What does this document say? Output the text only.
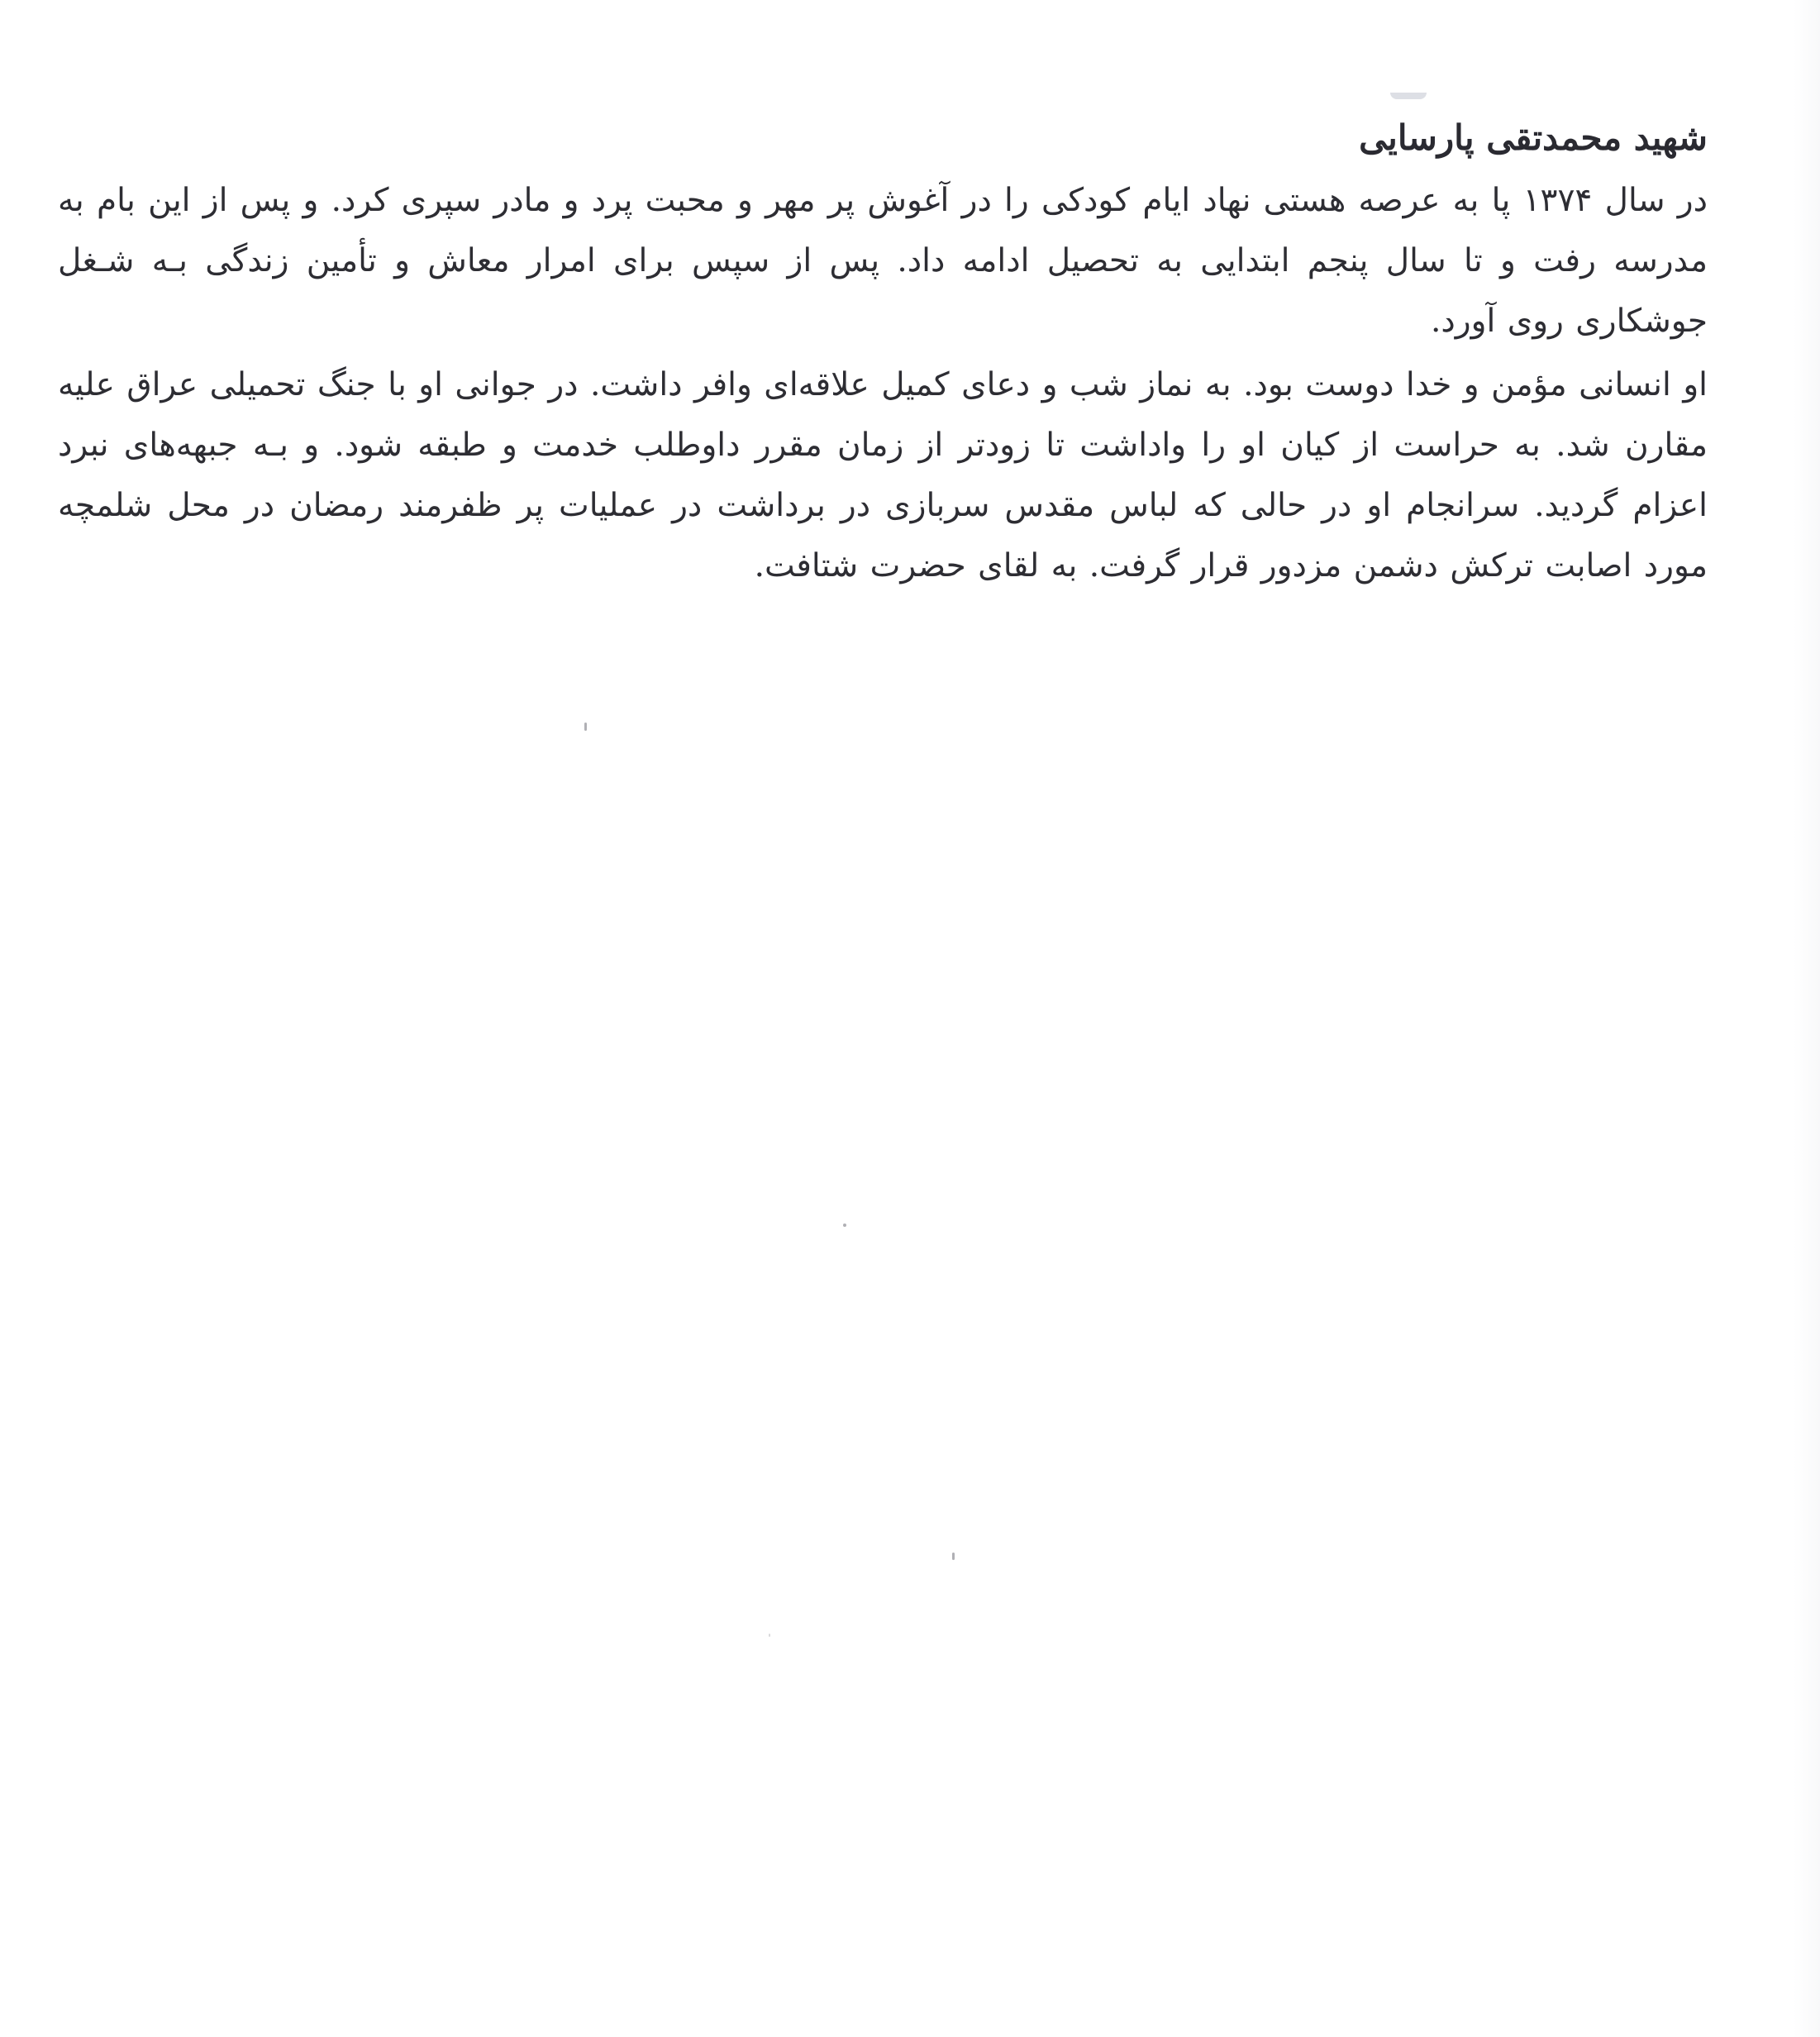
شهید محمدتقی پارسایی

در سال ۱۳۷۴ پا به عرصه هستی نهاد ایام کودکی را در آغوش پر مهر و محبت پرد و مادر سپری کرد. و پس از این بام به مدرسه رفت و تا سال پنجم ابتدایی به تحصیل ادامه داد. پس از سپس برای امرار معاش و تأمین زندگی بـه شـغل جوشکاری روی آورد.

او انسانی مؤمن و خدا دوست بود. به نماز شب و دعای کمیل علاقه‌ای وافر داشت. در جوانی او با جنگ تحمیلی عراق علیه مقارن شد. به حراست از کیان او را واداشت تا زودتر از زمان مقرر داوطلب خدمت و طبقه شود. و بـه جبهه‌های نبرد اعزام گردید. سرانجام او در حالی که لباس مقدس سربازی در برداشت در عملیات پر ظفرمند رمضان در محل شلمچه مورد اصابت ترکش دشمن مزدور قرار گرفت. به لقای حضرت شتافت.
